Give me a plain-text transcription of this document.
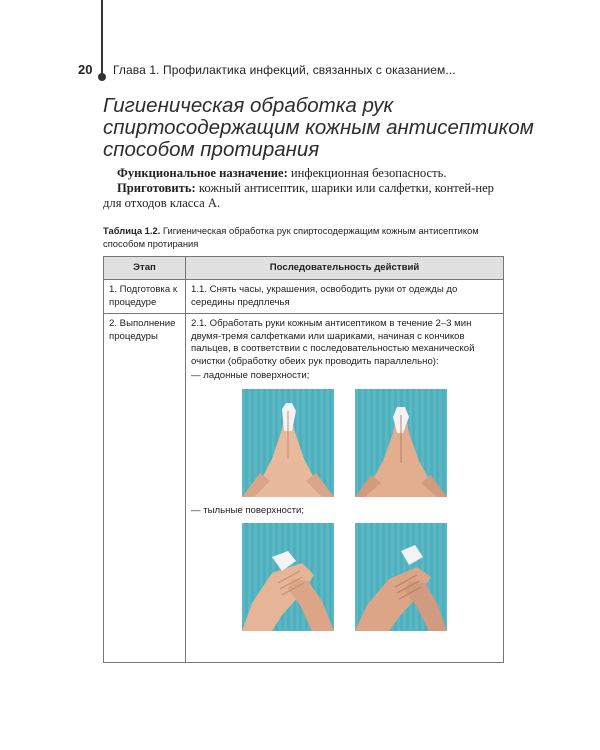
20 Глава 1. Профилактика инфекций, связанных с оказанием...
Гигиеническая обработка рук
спиртосодержащим кожным антисептиком
способом протирания
Функциональное назначение: инфекционная безопасность.
Приготовить: кожный антисептик, шарики или салфетки, контей-нер для отходов класса А.
Таблица 1.2. Гигиеническая обработка рук спиртосодержащим кожным антисептиком способом протирания
Этап	Последовательность действий
1. Подготовка к процедуре	1.1. Снять часы, украшения, освободить руки от одежды до середины предплечья
2. Выполнение процедуры	2.1. Обработать руки кожным антисептиком в течение 2–3 мин двумя-тремя салфетками или шариками, начиная с кончиков пальцев, в соответствии с последовательностью механической очистки (обработку обеих рук проводить параллельно):
— ладонные поверхности;
— тыльные поверхности;
